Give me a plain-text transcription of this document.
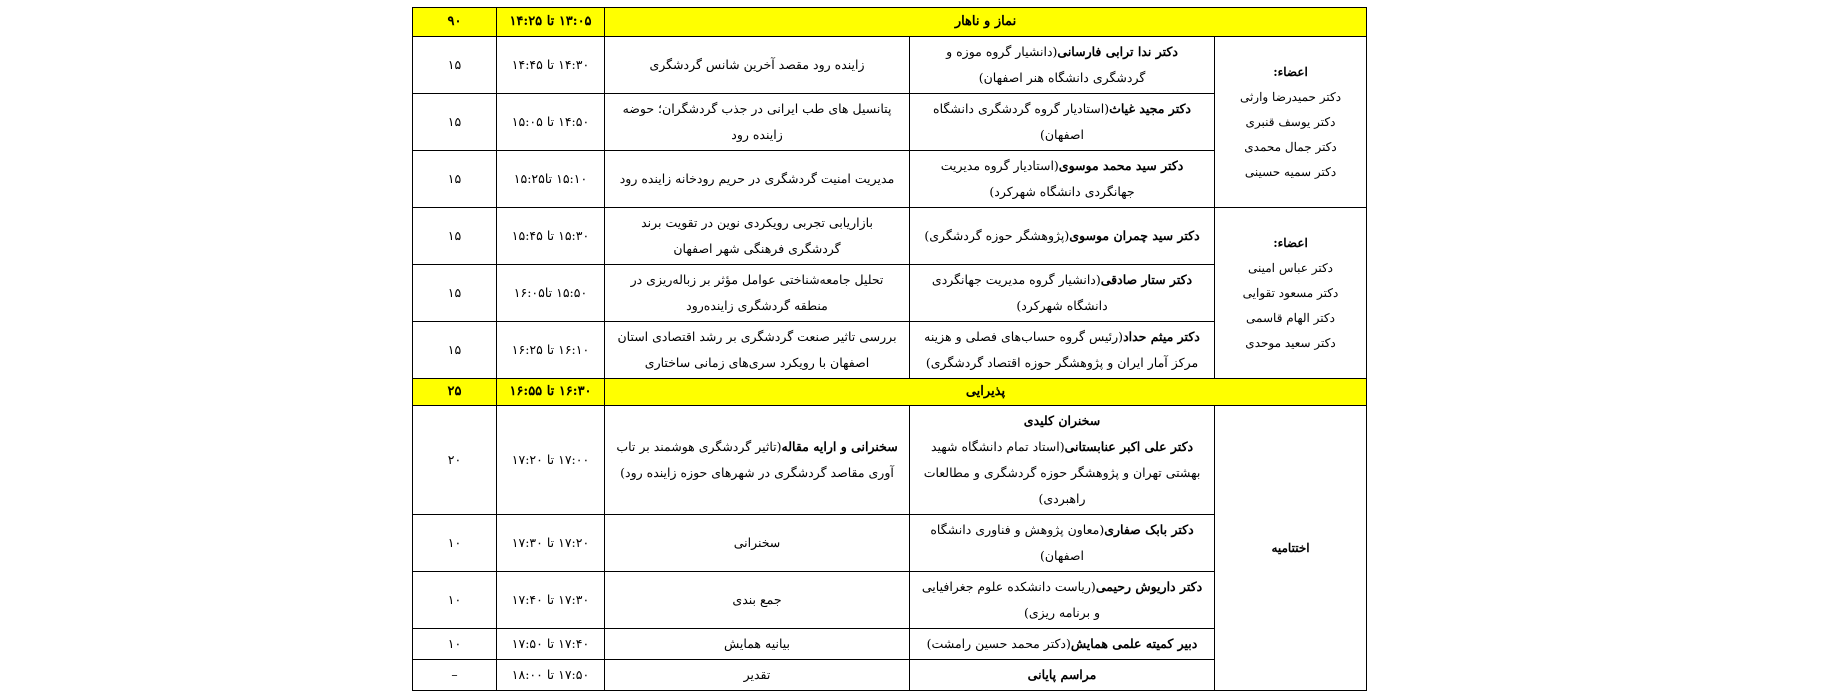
نماز و ناهار			۱۳:۰۵ تا ۱۴:۲۵	۹۰

اعضاء:
دکتر حمیدرضا وارثی
دکتر یوسف قنبری
دکتر جمال محمدی
دکتر سمیه حسینی	دکتر ندا ترابی فارسانی(دانشیار گروه موزه و گردشگری دانشگاه هنر اصفهان)	زاینده رود مقصد آخرین شانس گردشگری	۱۴:۳۰ تا ۱۴:۴۵	۱۵
	دکتر مجید غیاث(استادیار گروه گردشگری دانشگاه اصفهان)	پتانسیل های طب ایرانی در جذب گردشگران؛ حوضه زاینده رود	۱۴:۵۰ تا ۱۵:۰۵	۱۵
	دکتر سید محمد موسوی(استادیار گروه مدیریت جهانگردی دانشگاه شهرکرد)	مدیریت امنیت گردشگری در حریم رودخانه زاینده رود	۱۵:۱۰ تا۱۵:۲۵	۱۵

اعضاء:
دکتر عباس امینی
دکتر مسعود تقوایی
دکتر الهام قاسمی
دکتر سعید موحدی	دکتر سید چمران موسوی(پژوهشگر حوزه گردشگری)	بازاریابی تجربی رویکردی نوین در تقویت برند گردشگری فرهنگی شهر اصفهان	۱۵:۳۰ تا ۱۵:۴۵	۱۵
	دکتر ستار صادقی(دانشیار گروه مدیریت جهانگردی دانشگاه شهرکرد)	تحلیل جامعه‌شناختی عوامل مؤثر بر زباله‌ریزی در منطقه گردشگری زاینده‌رود	۱۵:۵۰ تا۱۶:۰۵	۱۵
	دکتر میثم حداد(رئیس گروه حساب‌های فصلی و هزینه مرکز آمار ایران و پژوهشگر حوزه اقتصاد گردشگری)	بررسی تاثیر صنعت گردشگری بر رشد اقتصادی استان اصفهان با رویکرد سری‌های زمانی ساختاری	۱۶:۱۰ تا ۱۶:۲۵	۱۵
پذیرایی			۱۶:۳۰ تا ۱۶:۵۵	۲۵
اختتامیه	سخنران کلیدی
دکتر علی اکبر عنابستانی(استاد تمام دانشگاه شهید بهشتی تهران و پژوهشگر حوزه گردشگری و مطالعات راهبردی)	سخنرانی و ارایه مقاله(تاثیر گردشگری هوشمند بر تاب آوری مقاصد گردشگری در شهرهای حوزه زاینده رود)	۱۷:۰۰ تا ۱۷:۲۰	۲۰
	دکتر بابک صفاری(معاون پژوهش و فناوری دانشگاه اصفهان)	سخنرانی	۱۷:۲۰ تا ۱۷:۳۰	۱۰
	دکتر داریوش رحیمی(ریاست دانشکده علوم جغرافیایی و برنامه ریزی)	جمع بندی	۱۷:۳۰ تا ۱۷:۴۰	۱۰
	دبیر کمیته علمی همایش(دکتر محمد حسین رامشت)	بیانیه همایش	۱۷:۴۰ تا ۱۷:۵۰	۱۰
	مراسم پایانی	تقدیر	۱۷:۵۰ تا ۱۸:۰۰	–
